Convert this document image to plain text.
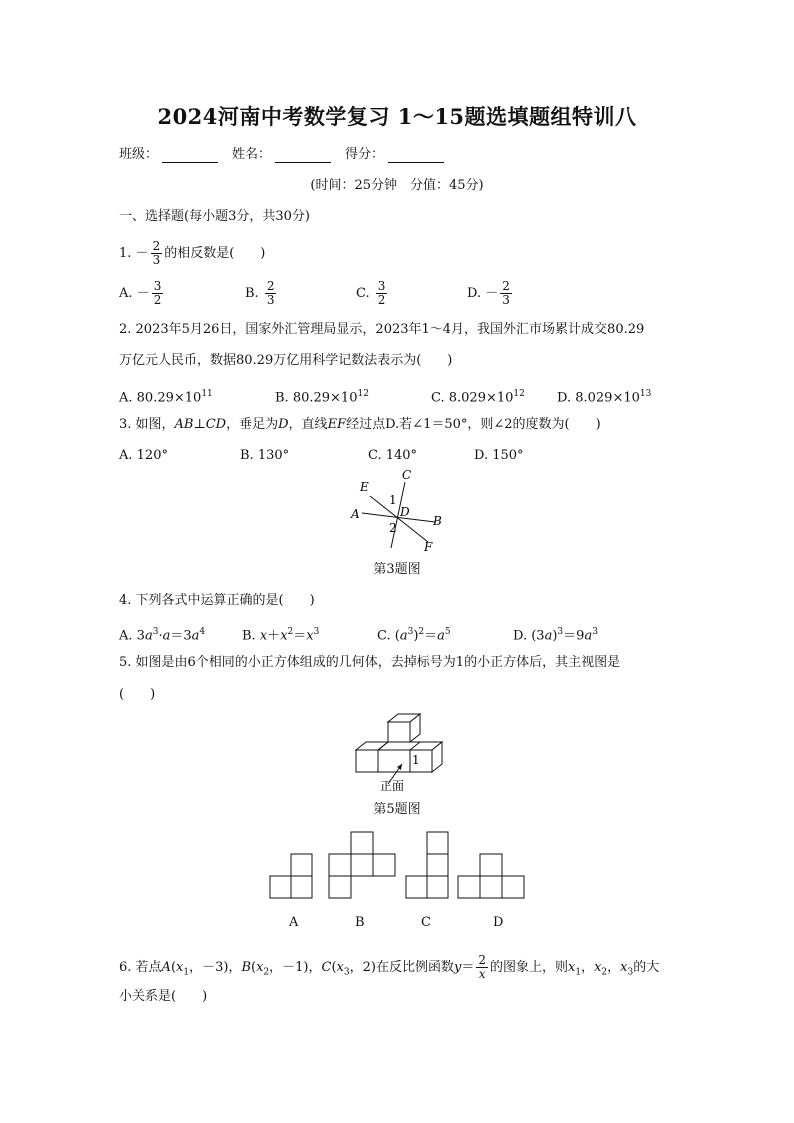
2024河南中考数学复习 1～15题选填题组特训八
班级：	姓名：	得分：
(时间：25分钟　分值：45分)
一、选择题(每小题3分，共30分)
1. － $\frac{2}{3}$ 的相反数是(　　)
A. － $\frac{3}{2}$	B. $\frac{2}{3}$	C. $\frac{3}{2}$	D. － $\frac{2}{3}$
2. 2023年5月26日，国家外汇管理局显示，2023年1～4月，我国外汇市场累计成交80.29
万亿元人民币，数据80.29万亿用科学记数法表示为(　　)
A. $80.29\times 10^{11}$	B. $80.29\times 10^{12}$	C. $8.029\times 10^{12}$ D. $8.029\times 10^{13}$
3. 如图，AB⊥CD，垂足为D，直线EF经过点D.若∠1＝50°，则∠2的度数为(　　)
A. 120°	B. 130°	C. 140°	D. 150°
C
E
A	B
F
D
1
2
第3题图
4. 下列各式中运算正确的是(　　)
A. $3a^3\cdot a=3a^4$	B. $x+x^2=x^3$	C. $(a^3)^2=a^5$	D. $(3a)^3=9a^3$
5. 如图是由6个相同的小正方体组成的几何体，去掉标号为1的小正方体后，其主视图是
(　　)
1
正面
第5题图
A	B	C	D
6. 若点$A(x_1$，－3)，$B(x_2$，－1)，$C(x_3$，2)在反比例函数$y= \frac{2}{x}$ 的图象上，则$x_1$，$x_2$，$x_3$的大
小关系是(　　)
